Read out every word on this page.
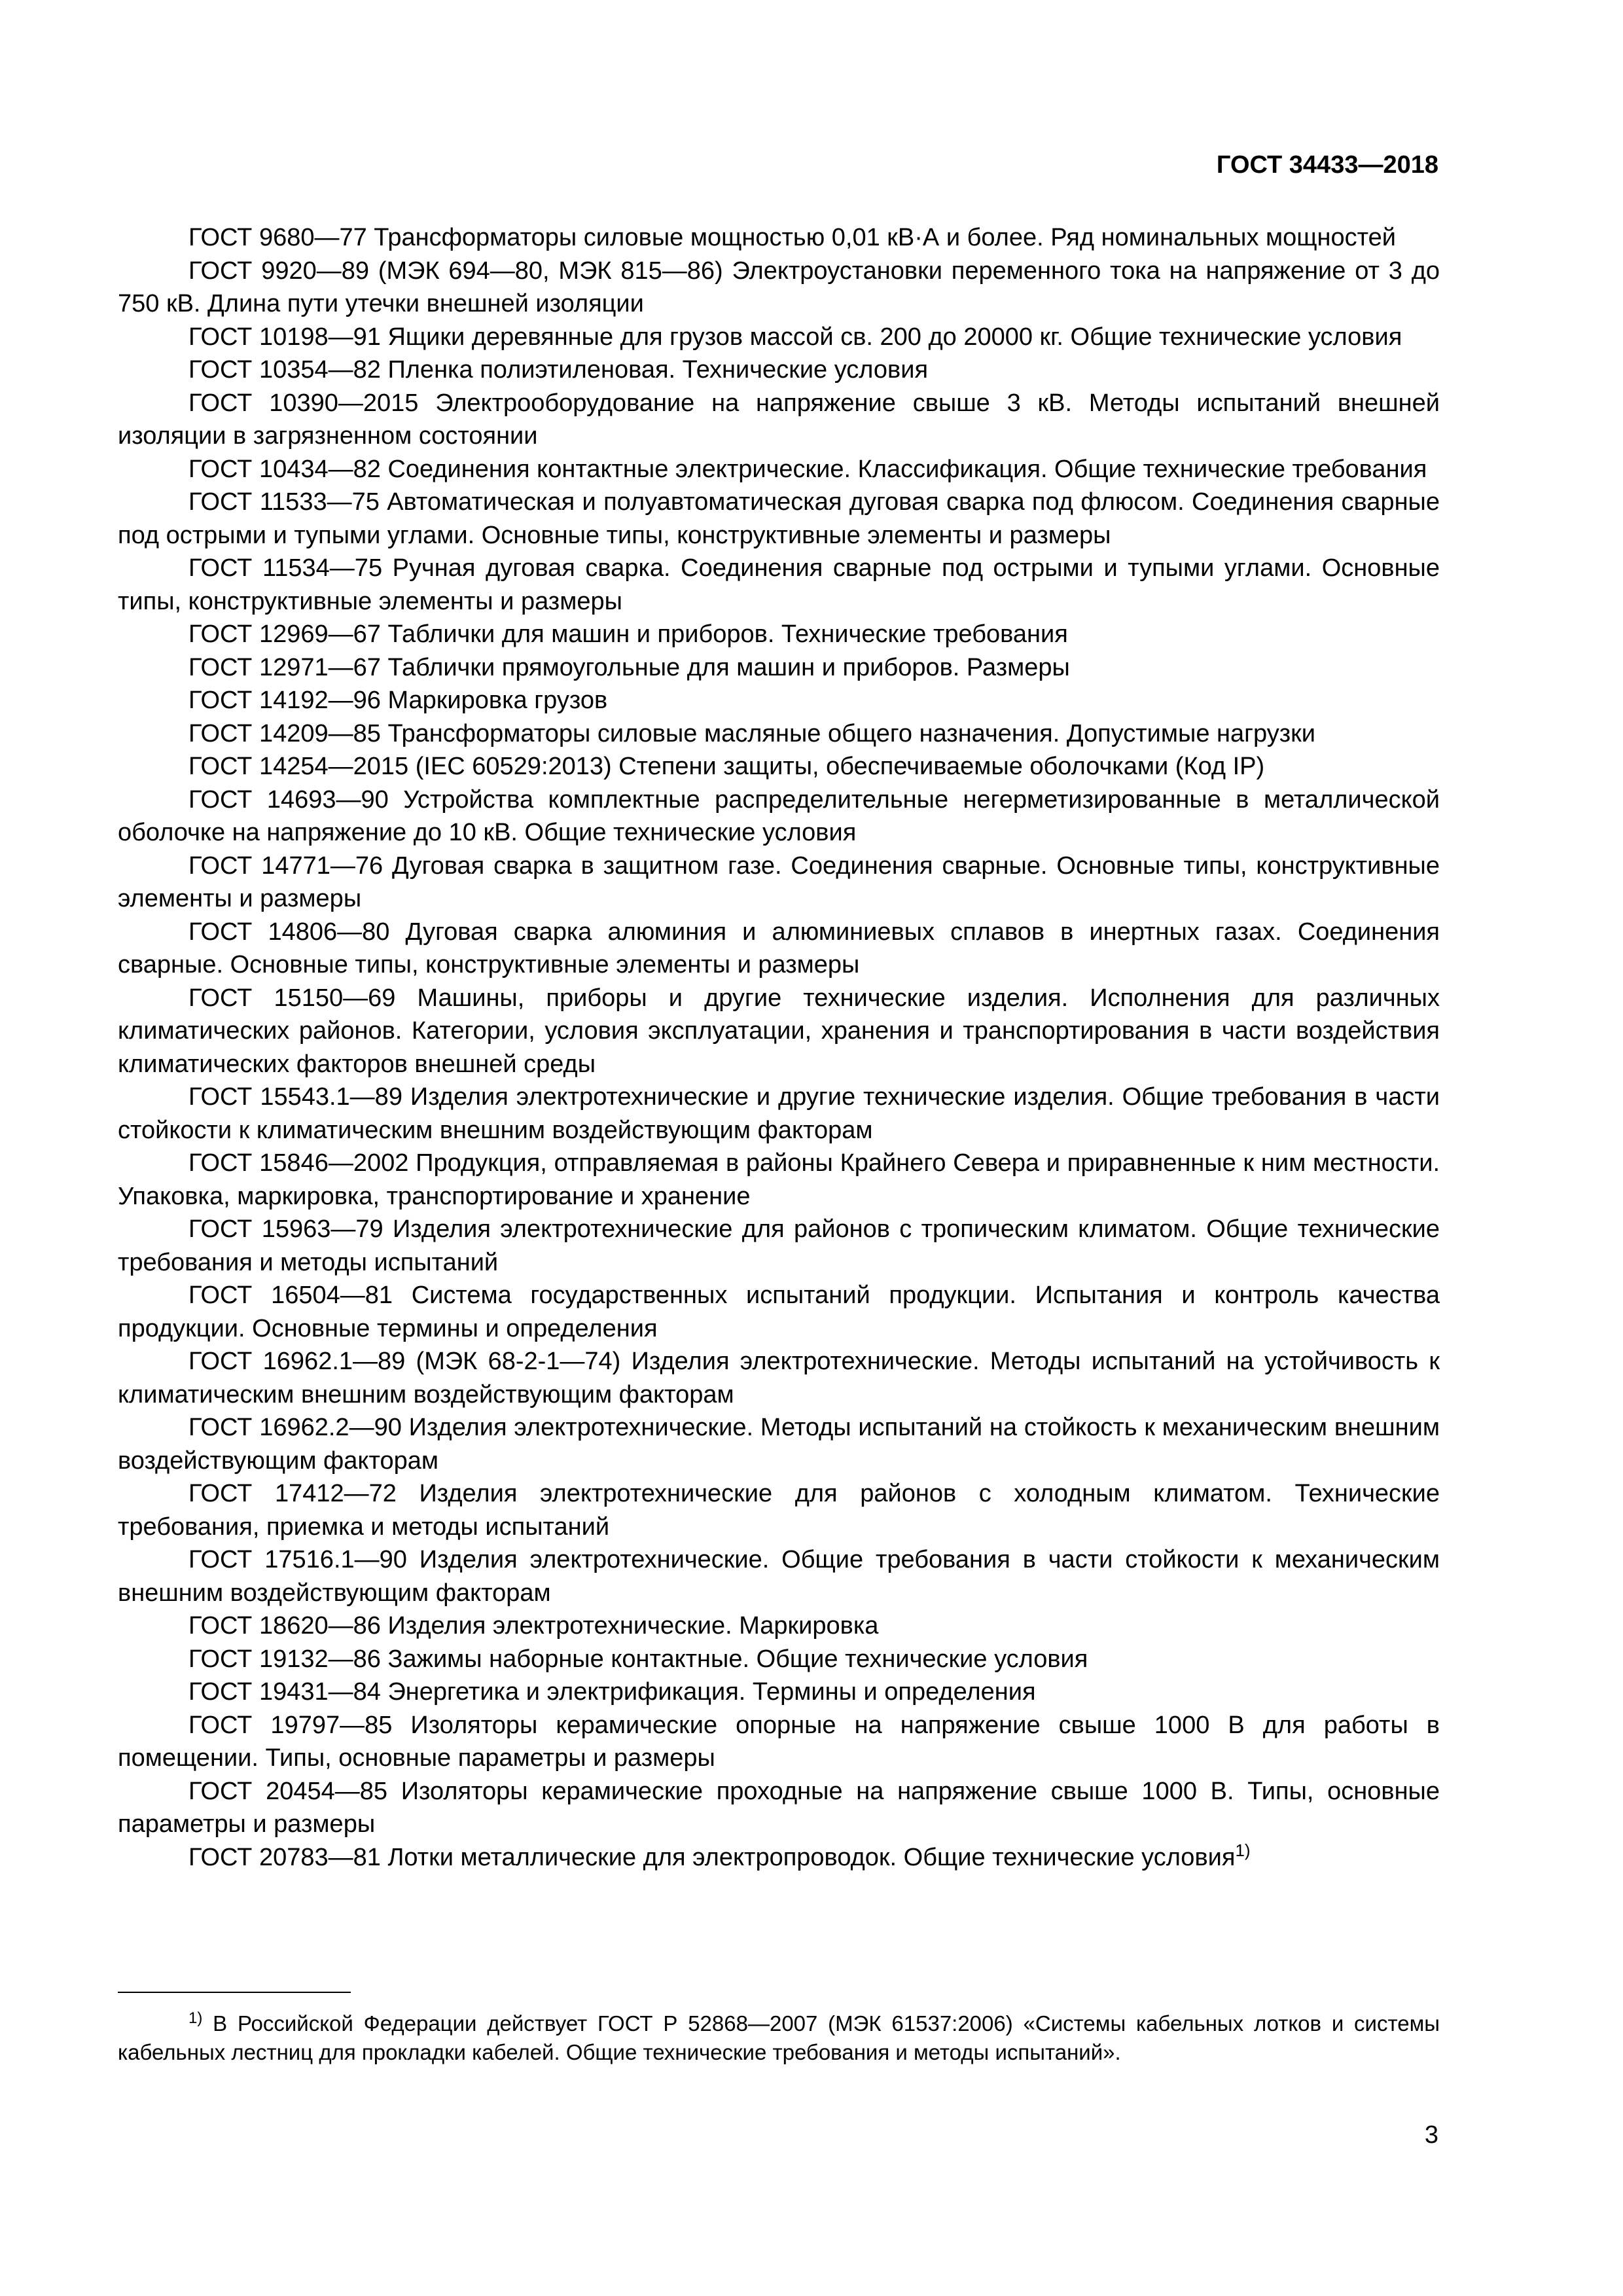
ГОСТ 34433—2018
ГОСТ 9680—77 Трансформаторы силовые мощностью 0,01 кВ·А и более. Ряд номинальных мощностей
ГОСТ 9920—89 (МЭК 694—80, МЭК 815—86) Электроустановки переменного тока на напряжение от 3 до 750 кВ. Длина пути утечки внешней изоляции
ГОСТ 10198—91 Ящики деревянные для грузов массой св. 200 до 20000 кг. Общие технические условия
ГОСТ 10354—82 Пленка полиэтиленовая. Технические условия
ГОСТ 10390—2015 Электрооборудование на напряжение свыше 3 кВ. Методы испытаний внешней изоляции в загрязненном состоянии
ГОСТ 10434—82 Соединения контактные электрические. Классификация. Общие технические требования
ГОСТ 11533—75 Автоматическая и полуавтоматическая дуговая сварка под флюсом. Соединения сварные под острыми и тупыми углами. Основные типы, конструктивные элементы и размеры
ГОСТ 11534—75 Ручная дуговая сварка. Соединения сварные под острыми и тупыми углами. Основные типы, конструктивные элементы и размеры
ГОСТ 12969—67 Таблички для машин и приборов. Технические требования
ГОСТ 12971—67 Таблички прямоугольные для машин и приборов. Размеры
ГОСТ 14192—96 Маркировка грузов
ГОСТ 14209—85 Трансформаторы силовые масляные общего назначения. Допустимые нагрузки
ГОСТ 14254—2015 (IEC 60529:2013) Степени защиты, обеспечиваемые оболочками (Код IP)
ГОСТ 14693—90 Устройства комплектные распределительные негерметизированные в металлической оболочке на напряжение до 10 кВ. Общие технические условия
ГОСТ 14771—76 Дуговая сварка в защитном газе. Соединения сварные. Основные типы, конструктивные элементы и размеры
ГОСТ 14806—80 Дуговая сварка алюминия и алюминиевых сплавов в инертных газах. Соединения сварные. Основные типы, конструктивные элементы и размеры
ГОСТ 15150—69 Машины, приборы и другие технические изделия. Исполнения для различных климатических районов. Категории, условия эксплуатации, хранения и транспортирования в части воздействия климатических факторов внешней среды
ГОСТ 15543.1—89 Изделия электротехнические и другие технические изделия. Общие требования в части стойкости к климатическим внешним воздействующим факторам
ГОСТ 15846—2002 Продукция, отправляемая в районы Крайнего Севера и приравненные к ним местности. Упаковка, маркировка, транспортирование и хранение
ГОСТ 15963—79 Изделия электротехнические для районов с тропическим климатом. Общие технические требования и методы испытаний
ГОСТ 16504—81 Система государственных испытаний продукции. Испытания и контроль качества продукции. Основные термины и определения
ГОСТ 16962.1—89 (МЭК 68-2-1—74) Изделия электротехнические. Методы испытаний на устойчивость к климатическим внешним воздействующим факторам
ГОСТ 16962.2—90 Изделия электротехнические. Методы испытаний на стойкость к механическим внешним воздействующим факторам
ГОСТ 17412—72 Изделия электротехнические для районов с холодным климатом. Технические требования, приемка и методы испытаний
ГОСТ 17516.1—90 Изделия электротехнические. Общие требования в части стойкости к механическим внешним воздействующим факторам
ГОСТ 18620—86 Изделия электротехнические. Маркировка
ГОСТ 19132—86 Зажимы наборные контактные. Общие технические условия
ГОСТ 19431—84 Энергетика и электрификация. Термины и определения
ГОСТ 19797—85 Изоляторы керамические опорные на напряжение свыше 1000 В для работы в помещении. Типы, основные параметры и размеры
ГОСТ 20454—85 Изоляторы керамические проходные на напряжение свыше 1000 В. Типы, основные параметры и размеры
ГОСТ 20783—81 Лотки металлические для электропроводок. Общие технические условия$^{1)}$

$^{1)}$ В Российской Федерации действует ГОСТ Р 52868—2007 (МЭК 61537:2006) «Системы кабельных лотков и системы кабельных лестниц для прокладки кабелей. Общие технические требования и методы испытаний».

3
